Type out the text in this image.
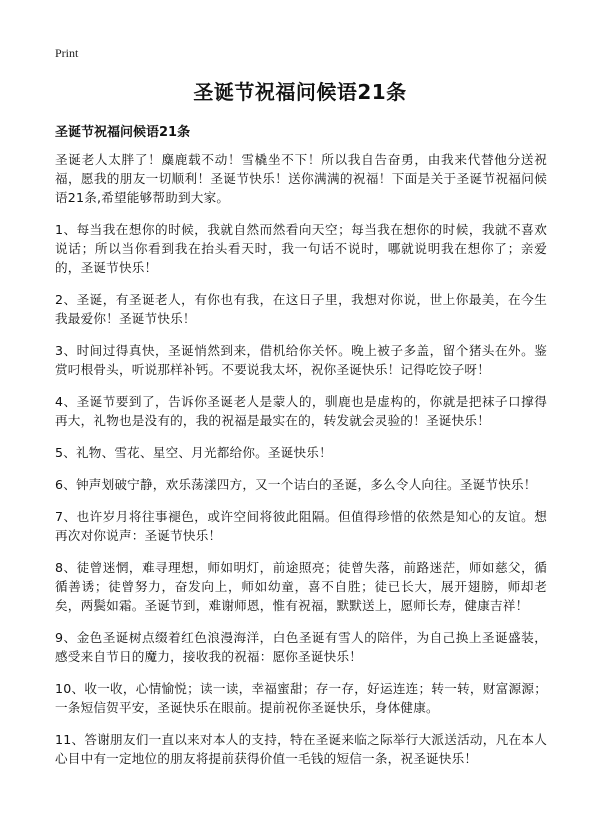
Print
圣诞节祝福问候语21条
圣诞节祝福问候语21条

圣诞老人太胖了！麋鹿载不动！雪橇坐不下！所以我自告奋勇，由我来代替他分送祝福，愿我的朋友一切顺利！圣诞节快乐！送你满满的祝福！下面是关于圣诞节祝福问候语21条,希望能够帮助到大家。

1、每当我在想你的时候，我就自然而然看向天空；每当我在想你的时候，我就不喜欢说话；所以当你看到我在抬头看天时，我一句话不说时，哪就说明我在想你了；亲爱的，圣诞节快乐！

2、圣诞，有圣诞老人，有你也有我，在这日子里，我想对你说，世上你最美，在今生我最爱你！圣诞节快乐！

3、时间过得真快，圣诞悄然到来，借机给你关怀。晚上被子多盖，留个猪头在外。鉴赏叼根骨头，听说那样补钙。不要说我太坏，祝你圣诞快乐！记得吃饺子呀！

4、圣诞节要到了，告诉你圣诞老人是蒙人的，驯鹿也是虚构的，你就是把袜子口撑得再大，礼物也是没有的，我的祝福是最实在的，转发就会灵验的！圣诞快乐！

5、礼物、雪花、星空、月光都给你。圣诞快乐！

6、钟声划破宁静，欢乐荡漾四方，又一个诘白的圣诞，多么令人向往。圣诞节快乐！

7、也许岁月将往事褪色，或许空间将彼此阻隔。但值得珍惜的依然是知心的友谊。想再次对你说声：圣诞节快乐！

8、徒曾迷惘，难寻理想，师如明灯，前途照亮；徒曾失落，前路迷茫，师如慈父，循循善诱；徒曾努力，奋发向上，师如幼童，喜不自胜；徒已长大，展开翅膀，师却老矣，两鬓如霜。圣诞节到，难谢师恩，惟有祝福，默默送上，愿师长寿，健康吉祥！

9、金色圣诞树点缀着红色浪漫海洋，白色圣诞有雪人的陪伴，为自己换上圣诞盛装，感受来自节日的魔力，接收我的祝福：愿你圣诞快乐！

10、收一收，心情愉悦；读一读，幸福蜜甜；存一存，好运连连；转一转，财富源源；一条短信贺平安，圣诞快乐在眼前。提前祝你圣诞快乐，身体健康。

11、答谢朋友们一直以来对本人的支持，特在圣诞来临之际举行大派送活动，凡在本人心目中有一定地位的朋友将提前获得价值一毛钱的短信一条，祝圣诞快乐！
